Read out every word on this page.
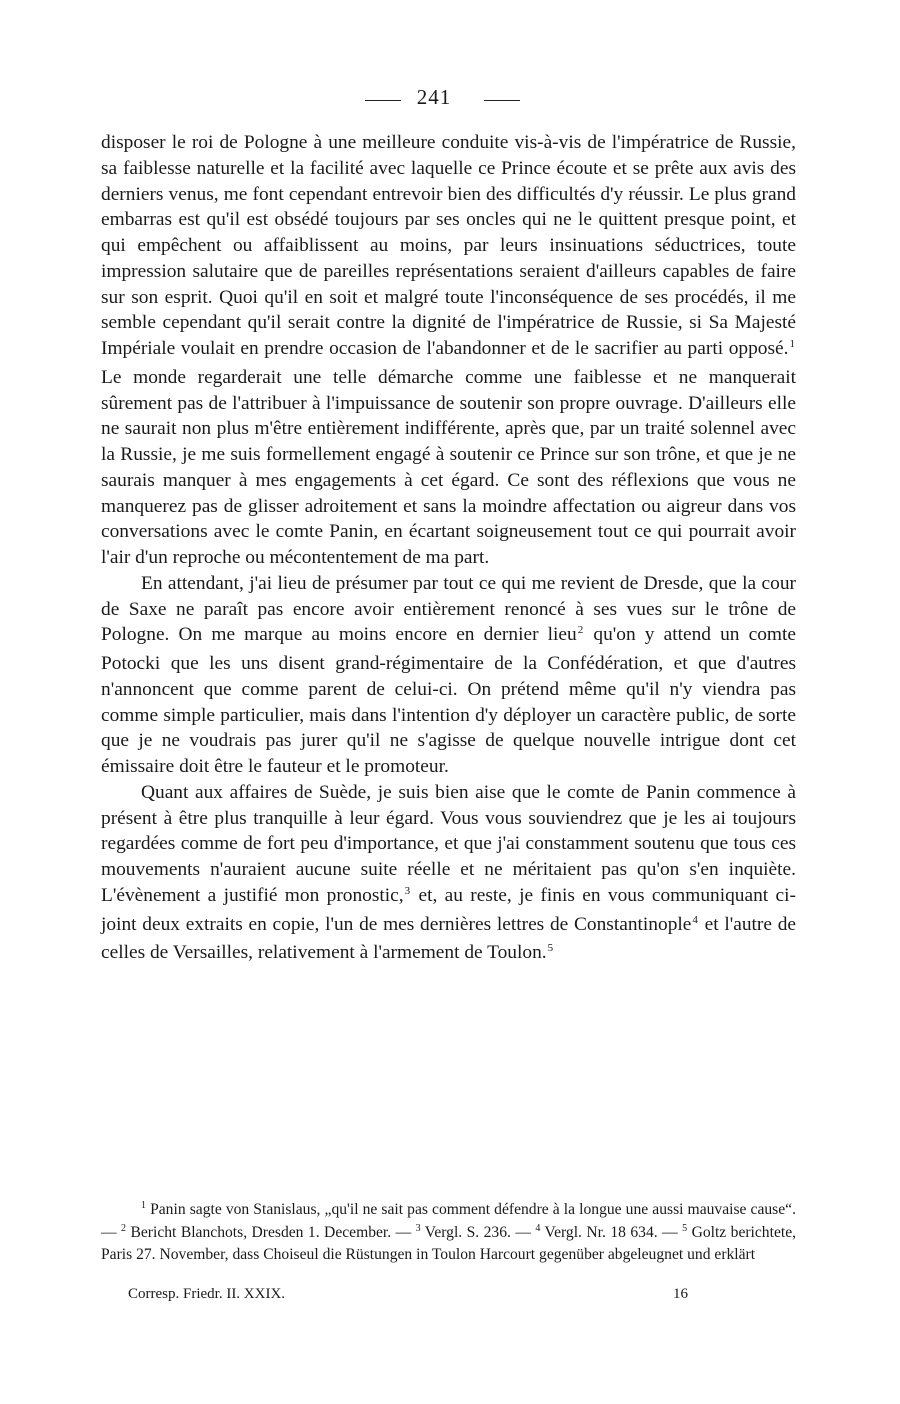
241

disposer le roi de Pologne à une meilleure conduite vis-à-vis de l'impératrice de Russie, sa faiblesse naturelle et la facilité avec laquelle ce Prince écoute et se prête aux avis des derniers venus, me font cependant entrevoir bien des difficultés d'y réussir. Le plus grand embarras est qu'il est obsédé toujours par ses oncles qui ne le quittent presque point, et qui empêchent ou affaiblissent au moins, par leurs insinuations séductrices, toute impression salutaire que de pareilles représentations seraient d'ailleurs capables de faire sur son esprit. Quoi qu'il en soit et malgré toute l'inconséquence de ses procédés, il me semble cependant qu'il serait contre la dignité de l'impératrice de Russie, si Sa Majesté Impériale voulait en prendre occasion de l'abandonner et de le sacrifier au parti opposé.$^1$ Le monde regarderait une telle démarche comme une faiblesse et ne manquerait sûrement pas de l'attribuer à l'impuissance de soutenir son propre ouvrage. D'ailleurs elle ne saurait non plus m'être entièrement indifférente, après que, par un traité solennel avec la Russie, je me suis formellement engagé à soutenir ce Prince sur son trône, et que je ne saurais manquer à mes engagements à cet égard. Ce sont des réflexions que vous ne manquerez pas de glisser adroitement et sans la moindre affectation ou aigreur dans vos conversations avec le comte Panin, en écartant soigneusement tout ce qui pourrait avoir l'air d'un reproche ou mécontentement de ma part.

En attendant, j'ai lieu de présumer par tout ce qui me revient de Dresde, que la cour de Saxe ne paraît pas encore avoir entièrement renoncé à ses vues sur le trône de Pologne. On me marque au moins encore en dernier lieu$^2$ qu'on y attend un comte Potocki que les uns disent grand-régimentaire de la Confédération, et que d'autres n'annoncent que comme parent de celui-ci. On prétend même qu'il n'y viendra pas comme simple particulier, mais dans l'intention d'y déployer un caractère public, de sorte que je ne voudrais pas jurer qu'il ne s'agisse de quelque nouvelle intrigue dont cet émissaire doit être le fauteur et le promoteur.

Quant aux affaires de Suède, je suis bien aise que le comte de Panin commence à présent à être plus tranquille à leur égard. Vous vous souviendrez que je les ai toujours regardées comme de fort peu d'importance, et que j'ai constamment soutenu que tous ces mouvements n'auraient aucune suite réelle et ne méritaient pas qu'on s'en inquiète. L'évènement a justifié mon pronostic,$^3$ et, au reste, je finis en vous communiquant ci-joint deux extraits en copie, l'un de mes dernières lettres de Constantinople$^4$ et l'autre de celles de Versailles, relativement à l'armement de Toulon.$^5$

$^1$ Panin sagte von Stanislaus, „qu'il ne sait pas comment défendre à la longue une aussi mauvaise cause“. — $^2$ Bericht Blanchots, Dresden 1. December. — $^3$ Vergl. S. 236. — $^4$ Vergl. Nr. 18 634. — $^5$ Goltz berichtete, Paris 27. November, dass Choiseul die Rüstungen in Toulon Harcourt gegenüber abgeleugnet und erklärt

Corresp. Friedr. II. XXIX.	16
